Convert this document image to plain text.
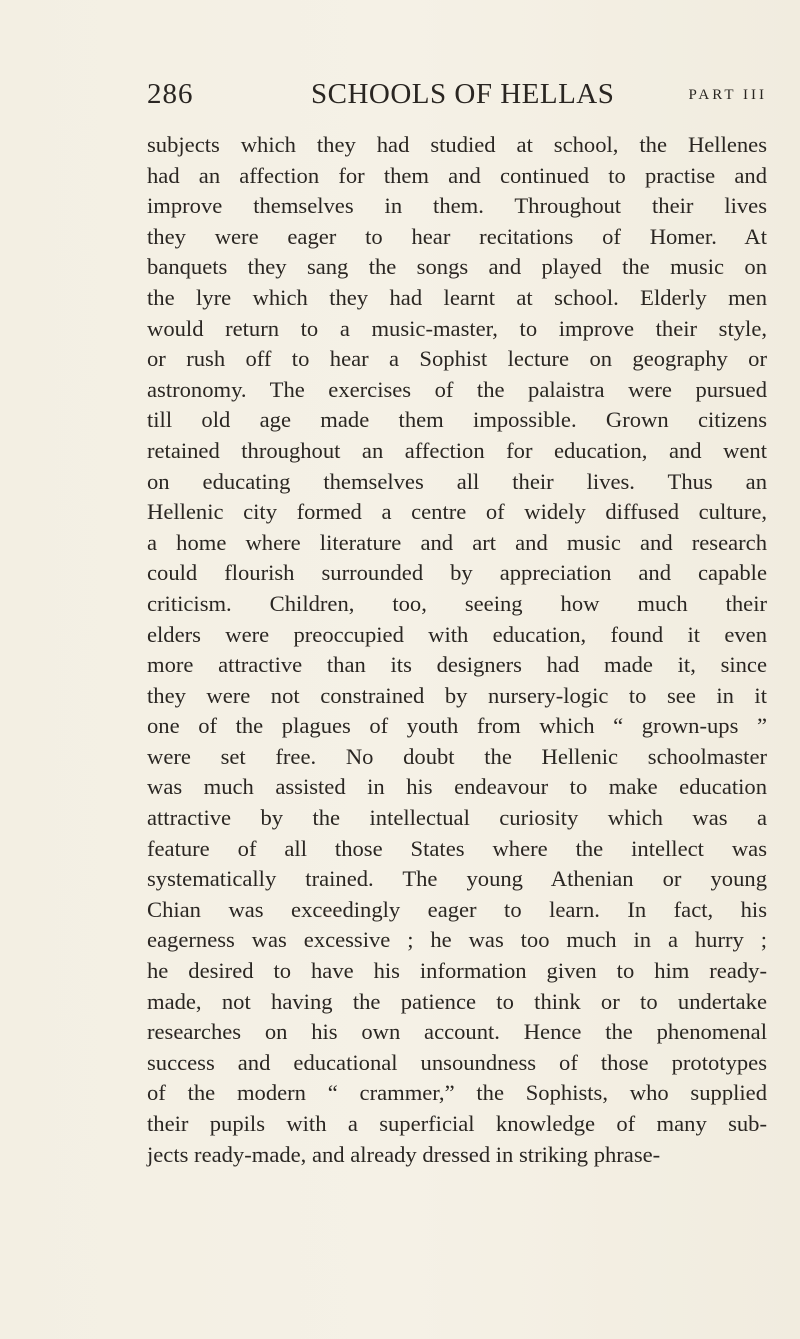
286	SCHOOLS OF HELLAS	PART III
subjects which they had studied at school, the Hellenes
had an affection for them and continued to practise and
improve themselves in them. Throughout their lives
they were eager to hear recitations of Homer. At
banquets they sang the songs and played the music on
the lyre which they had learnt at school. Elderly men
would return to a music-master, to improve their style,
or rush off to hear a Sophist lecture on geography or
astronomy. The exercises of the palaistra were pursued
till old age made them impossible. Grown citizens
retained throughout an affection for education, and went
on educating themselves all their lives. Thus an
Hellenic city formed a centre of widely diffused culture,
a home where literature and art and music and research
could flourish surrounded by appreciation and capable
criticism. Children, too, seeing how much their
elders were preoccupied with education, found it even
more attractive than its designers had made it, since
they were not constrained by nursery-logic to see in it
one of the plagues of youth from which “ grown-ups ”
were set free. No doubt the Hellenic schoolmaster
was much assisted in his endeavour to make education
attractive by the intellectual curiosity which was a
feature of all those States where the intellect was
systematically trained. The young Athenian or young
Chian was exceedingly eager to learn. In fact, his
eagerness was excessive ; he was too much in a hurry ;
he desired to have his information given to him ready-
made, not having the patience to think or to undertake
researches on his own account. Hence the phenomenal
success and educational unsoundness of those prototypes
of the modern “ crammer,” the Sophists, who supplied
their pupils with a superficial knowledge of many sub-
jects ready-made, and already dressed in striking phrase-
